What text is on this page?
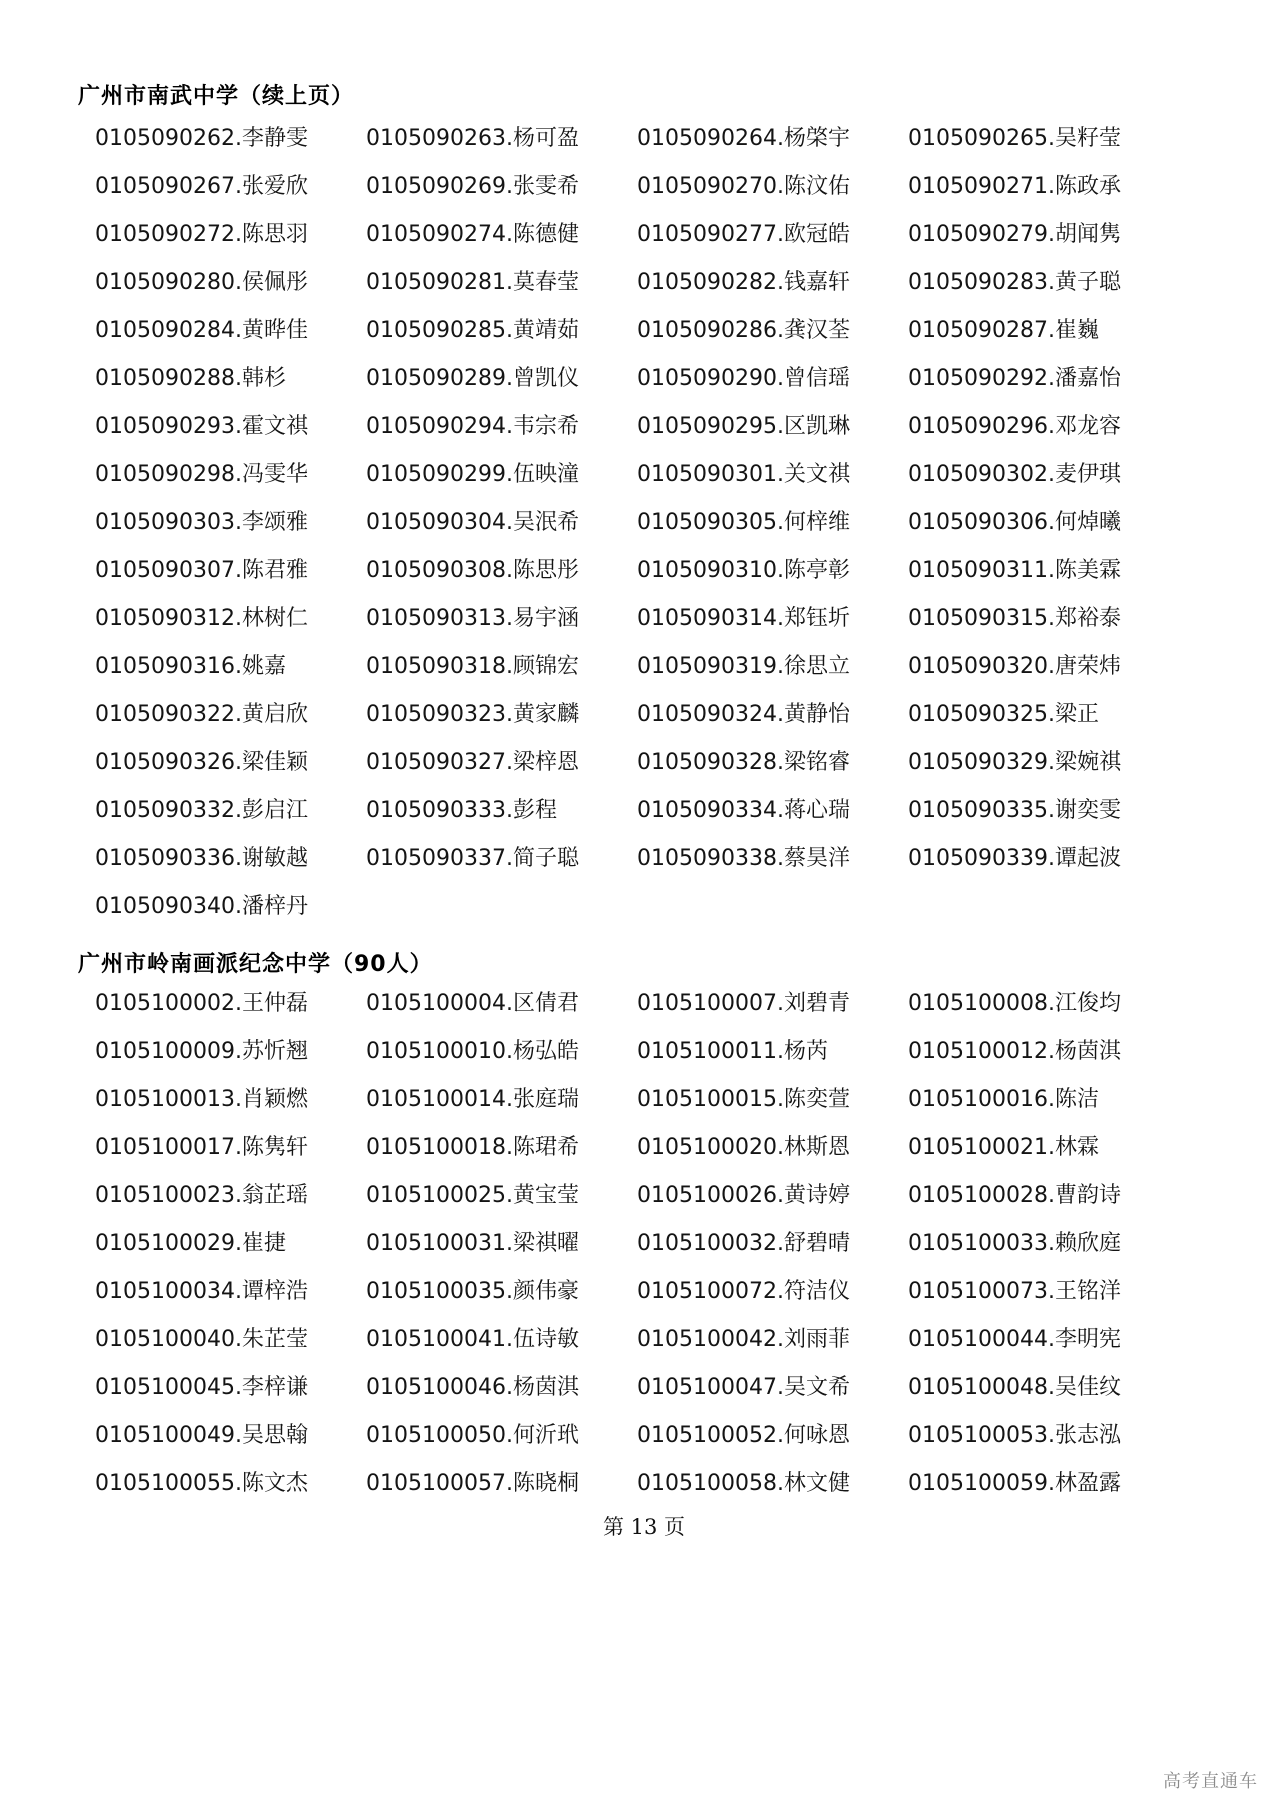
广州市南武中学（续上页）
0105090262.李静雯	0105090263.杨可盈	0105090264.杨棨宇	0105090265.吴籽莹
0105090267.张爱欣	0105090269.张雯希	0105090270.陈汶佑	0105090271.陈政承
0105090272.陈思羽	0105090274.陈德健	0105090277.欧冠皓	0105090279.胡闻隽
0105090280.侯佩彤	0105090281.莫春莹	0105090282.钱嘉轩	0105090283.黄子聪
0105090284.黄晔佳	0105090285.黄靖茹	0105090286.龚汉荃	0105090287.崔巍
0105090288.韩杉	0105090289.曾凯仪	0105090290.曾信瑶	0105090292.潘嘉怡
0105090293.霍文祺	0105090294.韦宗希	0105090295.区凯琳	0105090296.邓龙容
0105090298.冯雯华	0105090299.伍映潼	0105090301.关文祺	0105090302.麦伊琪
0105090303.李颂雅	0105090304.吴泯希	0105090305.何梓维	0105090306.何焯曦
0105090307.陈君雅	0105090308.陈思彤	0105090310.陈亭彰	0105090311.陈美霖
0105090312.林树仁	0105090313.易宇涵	0105090314.郑钰圻	0105090315.郑裕泰
0105090316.姚嘉	0105090318.顾锦宏	0105090319.徐思立	0105090320.唐荣炜
0105090322.黄启欣	0105090323.黄家麟	0105090324.黄静怡	0105090325.梁正
0105090326.梁佳颖	0105090327.梁梓恩	0105090328.梁铭睿	0105090329.梁婉祺
0105090332.彭启江	0105090333.彭程	0105090334.蒋心瑞	0105090335.谢奕雯
0105090336.谢敏越	0105090337.简子聪	0105090338.蔡昊洋	0105090339.谭起波
0105090340.潘梓丹
广州市岭南画派纪念中学（90人）
0105100002.王仲磊	0105100004.区倩君	0105100007.刘碧青	0105100008.江俊均
0105100009.苏忻翘	0105100010.杨弘皓	0105100011.杨芮	0105100012.杨茵淇
0105100013.肖颖燃	0105100014.张庭瑞	0105100015.陈奕萱	0105100016.陈洁
0105100017.陈隽轩	0105100018.陈珺希	0105100020.林斯恩	0105100021.林霖
0105100023.翁芷瑶	0105100025.黄宝莹	0105100026.黄诗婷	0105100028.曹韵诗
0105100029.崔捷	0105100031.梁祺曜	0105100032.舒碧晴	0105100033.赖欣庭
0105100034.谭梓浩	0105100035.颜伟豪	0105100072.符洁仪	0105100073.王铭洋
0105100040.朱芷莹	0105100041.伍诗敏	0105100042.刘雨菲	0105100044.李明宪
0105100045.李梓谦	0105100046.杨茵淇	0105100047.吴文希	0105100048.吴佳纹
0105100049.吴思翰	0105100050.何沂玳	0105100052.何咏恩	0105100053.张志泓
0105100055.陈文杰	0105100057.陈晓桐	0105100058.林文健	0105100059.林盈露
第 13 页
高考直通车
